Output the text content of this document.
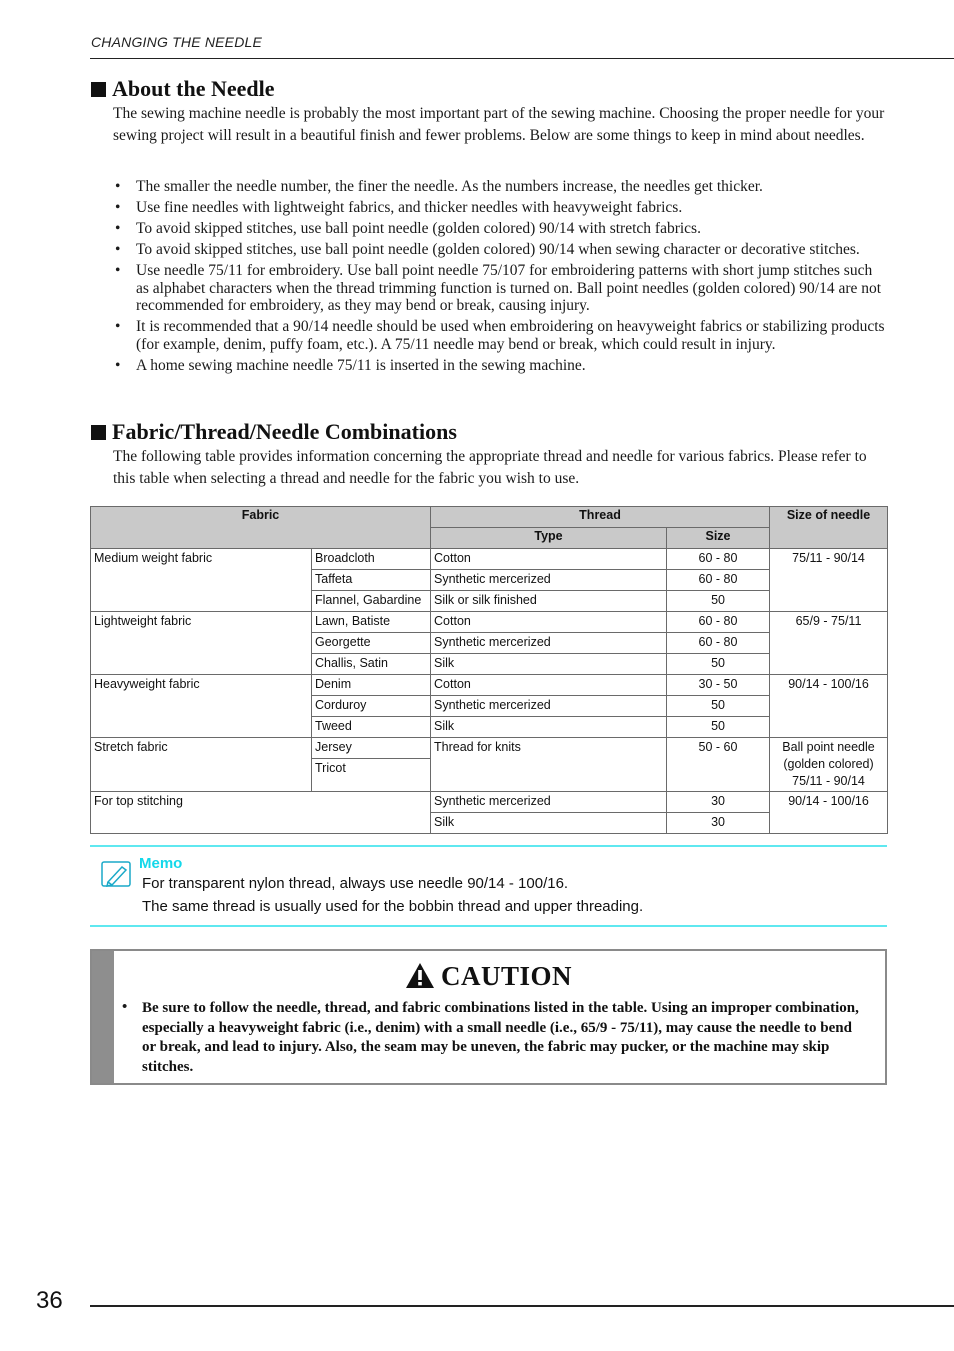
CHANGING THE NEEDLE
About the Needle

The sewing machine needle is probably the most important part of the sewing machine. Choosing the proper needle for your sewing project will result in a beautiful finish and fewer problems. Below are some things to keep in mind about needles.

• The smaller the needle number, the finer the needle. As the numbers increase, the needles get thicker.
• Use fine needles with lightweight fabrics, and thicker needles with heavyweight fabrics.
• To avoid skipped stitches, use ball point needle (golden colored) 90/14 with stretch fabrics.
• To avoid skipped stitches, use ball point needle (golden colored) 90/14 when sewing character or decorative stitches.
• Use needle 75/11 for embroidery. Use ball point needle 75/107 for embroidering patterns with short jump stitches such as alphabet characters when the thread trimming function is turned on. Ball point needles (golden colored) 90/14 are not recommended for embroidery, as they may bend or break, causing injury.
• It is recommended that a 90/14 needle should be used when embroidering on heavyweight fabrics or stabilizing products (for example, denim, puffy foam, etc.). A 75/11 needle may bend or break, which could result in injury.
• A home sewing machine needle 75/11 is inserted in the sewing machine.
Fabric/Thread/Needle Combinations

The following table provides information concerning the appropriate thread and needle for various fabrics. Please refer to this table when selecting a thread and needle for the fabric you wish to use.

Fabric		Thread		Size of needle
		Type	Size	
Medium weight fabric	Broadcloth	Cotton	60 - 80	75/11 - 90/14
	Taffeta	Synthetic mercerized	60 - 80	
	Flannel, Gabardine	Silk or silk finished	50	
Lightweight fabric	Lawn, Batiste	Cotton	60 - 80	65/9 - 75/11
	Georgette	Synthetic mercerized	60 - 80	
	Challis, Satin	Silk	50	
Heavyweight fabric	Denim	Cotton	30 - 50	90/14 - 100/16
	Corduroy	Synthetic mercerized	50	
	Tweed	Silk	50	
Stretch fabric	Jersey	Thread for knits	50 - 60	Ball point needle
(golden colored)
75/11 - 90/14

	Tricot			
For top stitching		Synthetic mercerized	30	90/14 - 100/16
		Silk	30	
Memo
For transparent nylon thread, always use needle 90/14 - 100/16.
The same thread is usually used for the bobbin thread and upper threading.
CAUTION
• Be sure to follow the needle, thread, and fabric combinations listed in the table. Using an improper combination, especially a heavyweight fabric (i.e., denim) with a small needle (i.e., 65/9 - 75/11), may cause the needle to bend or break, and lead to injury. Also, the seam may be uneven, the fabric may pucker, or the machine may skip stitches.
36
